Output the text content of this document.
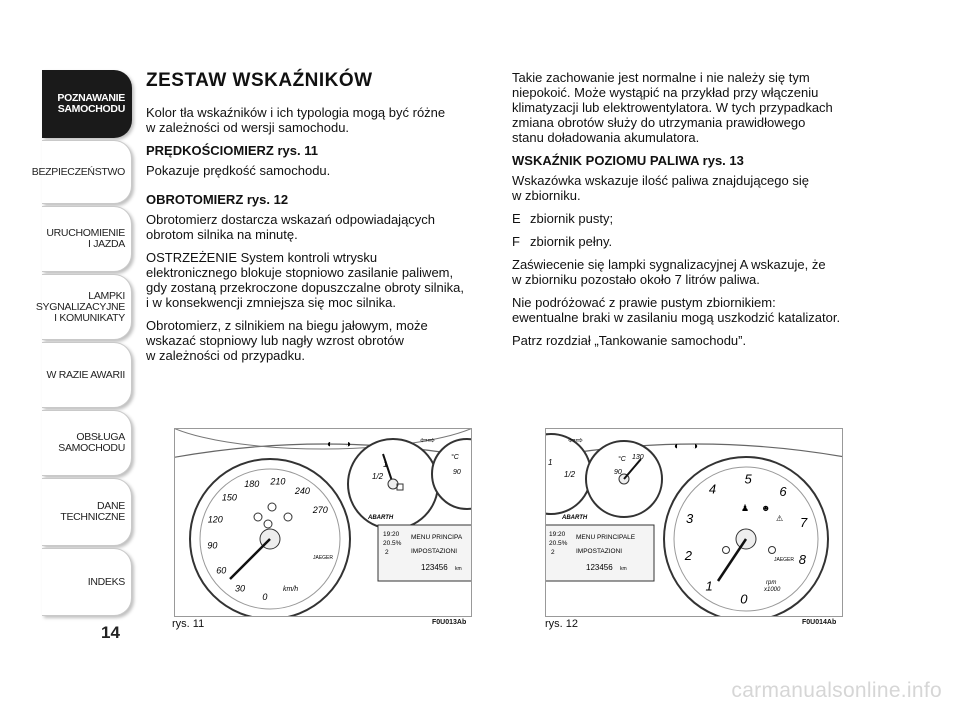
POZNAWANIE SAMOCHODU
BEZPIECZEŃSTWO
URUCHOMIENIE I JAZDA
LAMPKI SYGNALIZACYJNE I KOMUNIKATY
W RAZIE AWARII
OBSŁUGA SAMOCHODU
DANE TECHNICZNE
INDEKS
14
ZESTAW WSKAŹNIKÓW
Kolor tła wskaźników i ich typologia mogą być różne
w zależności od wersji samochodu.
PRĘDKOŚCIOMIERZ rys. 11
Pokazuje prędkość samochodu.
OBROTOMIERZ rys. 12
Obrotomierz dostarcza wskazań odpowiadających
obrotom silnika na minutę.
OSTRZEŻENIE System kontroli wtrysku
elektronicznego blokuje stopniowo zasilanie paliwem,
gdy zostaną przekroczone dopuszczalne obroty silnika,
i w konsekwencji zmniejsza się moc silnika.
Obrotomierz, z silnikiem na biegu jałowym, może
wskazać stopniowy lub nagły wzrost obrotów
w zależności od przypadku.
Takie zachowanie jest normalne i nie należy się tym
niepokoić. Może wystąpić na przykład przy włączeniu
klimatyzacji lub elektrowentylatora. W tych przypadkach
zmiana obrotów służy do utrzymania prawidłowego
stanu doładowania akumulatora.
WSKAŹNIK POZIOMU PALIWA rys. 13
Wskazówka wskazuje ilość paliwa znajdującego się
w zbiorniku.
E zbiornik pusty;
F zbiornik pełny.
Zaświecenie się lampki sygnalizacyjnej A wskazuje, że
w zbiorniku pozostało około 7 litrów paliwa.
Nie podróżować z prawie pustym zbiornikiem:
ewentualne braki w zasilaniu mogą uszkodzić katalizator.
Patrz rozdział „Tankowanie samochodu”.
0
30
60
90
120
150
180 210
240
270
km/h
JAEGER
1
1/2
°C
90
◐ ◑	⇦⇨
ABARTH
19:20
20.5%
2
MENU PRINCIPA
IMPOSTAZIONI
123456 km
rys. 11	F0U013Ab
1
1/2
°C 130
90
⇦⇨
◐ ◑
0
1
2
3
4
5
6
7
8
rpm
x1000
JAEGER
♟ ☻
⚠
ABARTH
19:20
20.5%
2
MENU PRINCIPALE
IMPOSTAZIONI
123456 km
rys. 12	F0U014Ab
carmanualsonline.info
